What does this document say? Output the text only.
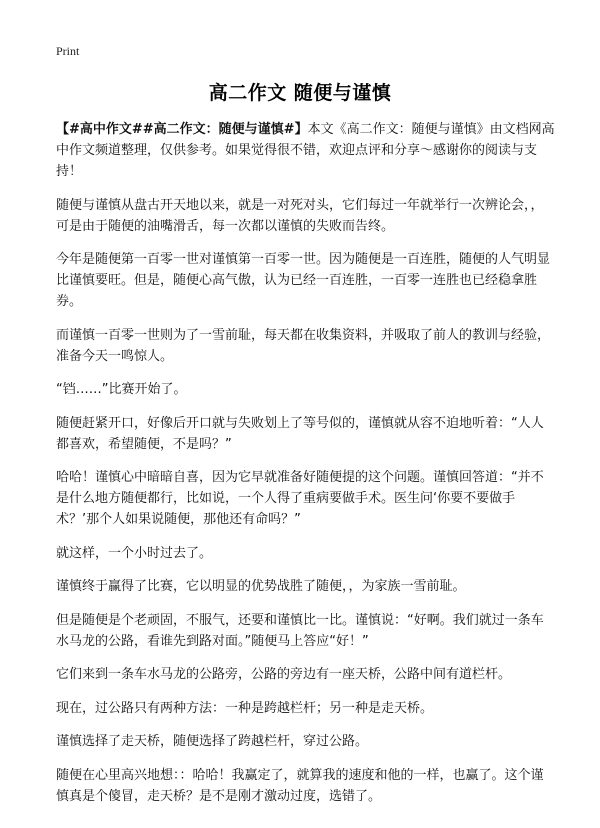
Print
高二作文 随便与谨慎

【#高中作文##高二作文：随便与谨慎#】本文《高二作文：随便与谨慎》由文档网高中作文频道整理，仅供参考。如果觉得很不错，欢迎点评和分享～感谢你的阅读与支持！

随便与谨慎从盘古开天地以来，就是一对死对头，它们每过一年就举行一次辨论会，，可是由于随便的油嘴滑舌，每一次都以谨慎的失败而告终。

今年是随便第一百零一世对谨慎第一百零一世。因为随便是一百连胜，随便的人气明显比谨慎要旺。但是，随便心高气傲，认为已经一百连胜，一百零一连胜也已经稳拿胜券。

而谨慎一百零一世则为了一雪前耻，每天都在收集资料，并吸取了前人的教训与经验，准备今天一鸣惊人。

“铛……”比赛开始了。

随便赶紧开口，好像后开口就与失败划上了等号似的，谨慎就从容不迫地听着：“人人都喜欢，希望随便，不是吗？”

哈哈！谨慎心中暗暗自喜，因为它早就准备好随便提的这个问题。谨慎回答道：“并不是什么地方随便都行，比如说，一个人得了重病要做手术。医生问‘你要不要做手术？’那个人如果说随便，那他还有命吗？”

就这样，一个小时过去了。

谨慎终于赢得了比赛，它以明显的优势战胜了随便，，为家族一雪前耻。

但是随便是个老顽固，不服气，还要和谨慎比一比。谨慎说：“好啊。我们就过一条车水马龙的公路，看谁先到路对面。”随便马上答应“好！”

它们来到一条车水马龙的公路旁，公路的旁边有一座天桥，公路中间有道栏杆。

现在，过公路只有两种方法：一种是跨越栏杆；另一种是走天桥。

谨慎选择了走天桥，随便选择了跨越栏杆，穿过公路。

随便在心里高兴地想：：哈哈！我赢定了，就算我的速度和他的一样，也赢了。这个谨慎真是个傻冒，走天桥？是不是刚才激动过度，选错了。
